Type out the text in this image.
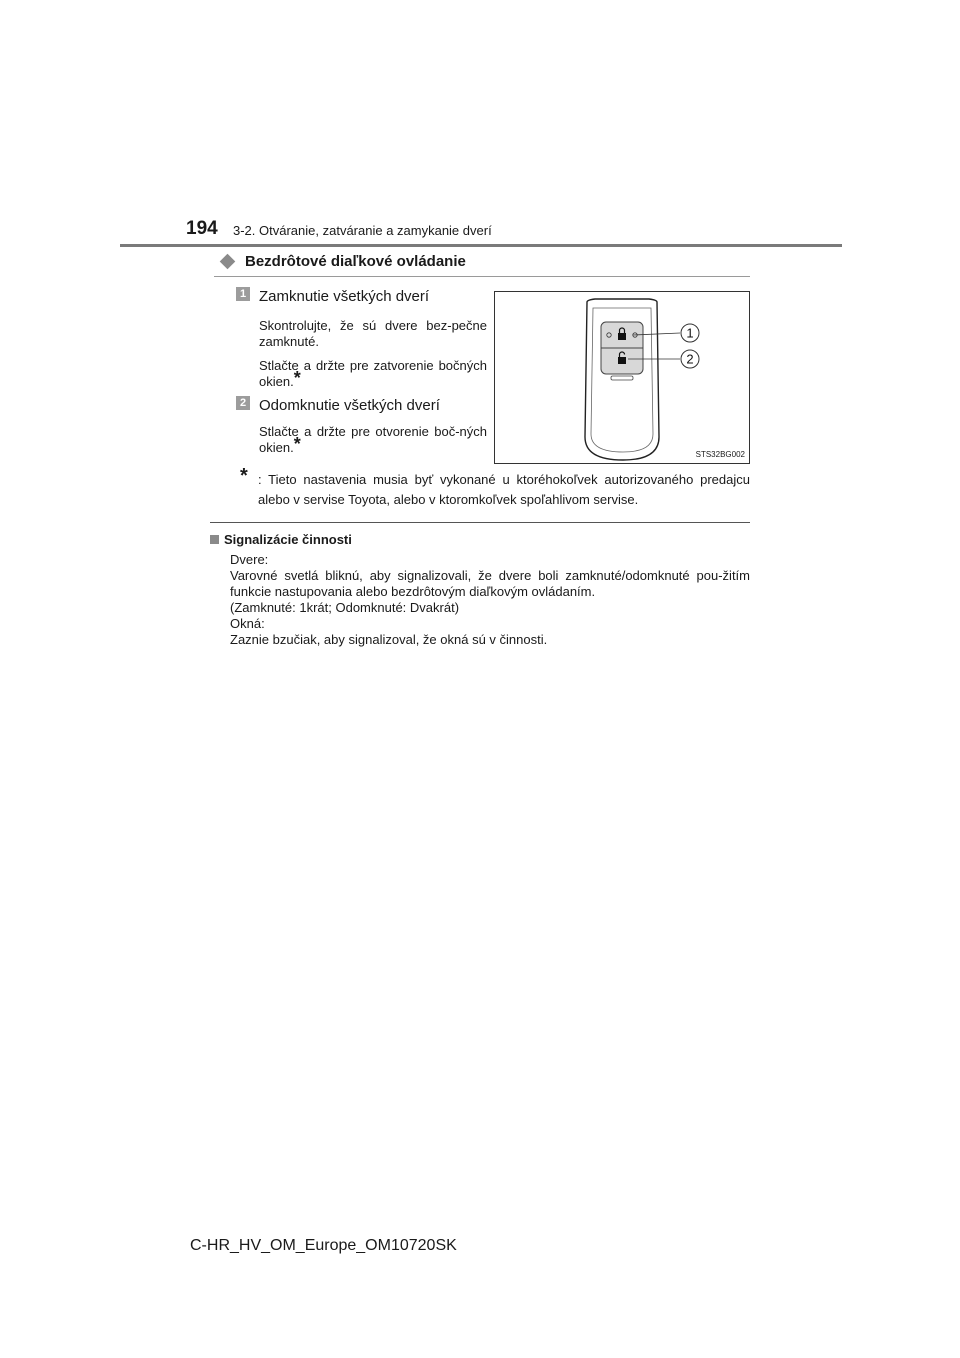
194 3-2. Otváranie, zatváranie a zamykanie dverí
Bezdrôtové diaľkové ovládanie
1 Zamknutie všetkých dverí
Skontrolujte, že sú dvere bez-pečne zamknuté.
Stlačte a držte pre zatvorenie bočných okien.*
2 Odomknutie všetkých dverí
Stlačte a držte pre otvorenie boč-ných okien.*
1
2
STS32BG002
* : Tieto nastavenia musia byť vykonané u ktoréhokoľvek autorizovaného predajcu alebo v servise Toyota, alebo v ktoromkoľvek spoľahlivom servise.
Signalizácie činnosti

Dvere:

Varovné svetlá bliknú, aby signalizovali, že dvere boli zamknuté/odomknuté pou-žitím funkcie nastupovania alebo bezdrôtovým diaľkovým ovládaním.

(Zamknuté: 1krát; Odomknuté: Dvakrát)

Okná:

Zaznie bzučiak, aby signalizoval, že okná sú v činnosti.

C-HR_HV_OM_Europe_OM10720SK
